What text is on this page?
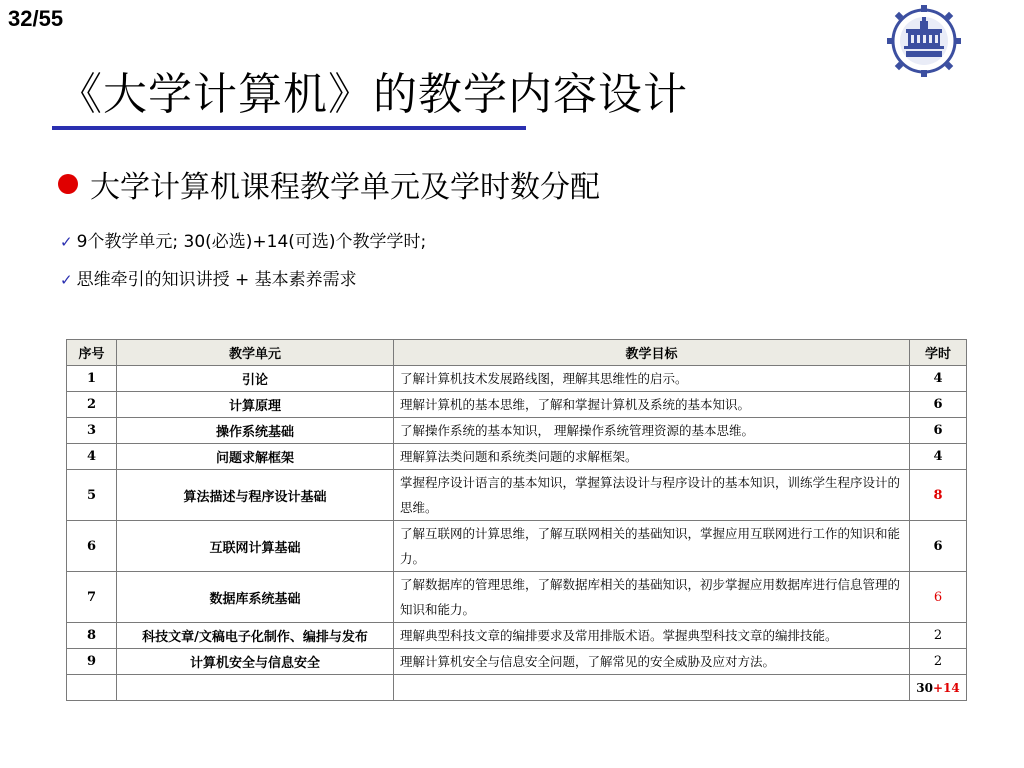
32/55
《大学计算机》的教学内容设计
大学计算机课程教学单元及学时数分配
✓ 9个教学单元; 30(必选)+14(可选)个教学学时;
✓ 思维牵引的知识讲授 + 基本素养需求
序号	教学单元	教学目标	学时
1	引论	了解计算机技术发展路线图，理解其思维性的启示。	4
2	计算原理	理解计算机的基本思维，了解和掌握计算机及系统的基本知识。	6
3	操作系统基础	了解操作系统的基本知识， 理解操作系统管理资源的基本思维。	6
4	问题求解框架	理解算法类问题和系统类问题的求解框架。	4
5	算法描述与程序设计基础	掌握程序设计语言的基本知识，掌握算法设计与程序设计的基本知识，训练学生程序设计的思维。	8
6	互联网计算基础	了解互联网的计算思维，了解互联网相关的基础知识，掌握应用互联网进行工作的知识和能力。	6
7	数据库系统基础	了解数据库的管理思维，了解数据库相关的基础知识，初步掌握应用数据库进行信息管理的知识和能力。	6
8	科技文章/文稿电子化制作、编排与发布	理解典型科技文章的编排要求及常用排版术语。掌握典型科技文章的编排技能。	2
9	计算机安全与信息安全	理解计算机安全与信息安全问题，了解常见的安全威胁及应对方法。	2
			30+14
